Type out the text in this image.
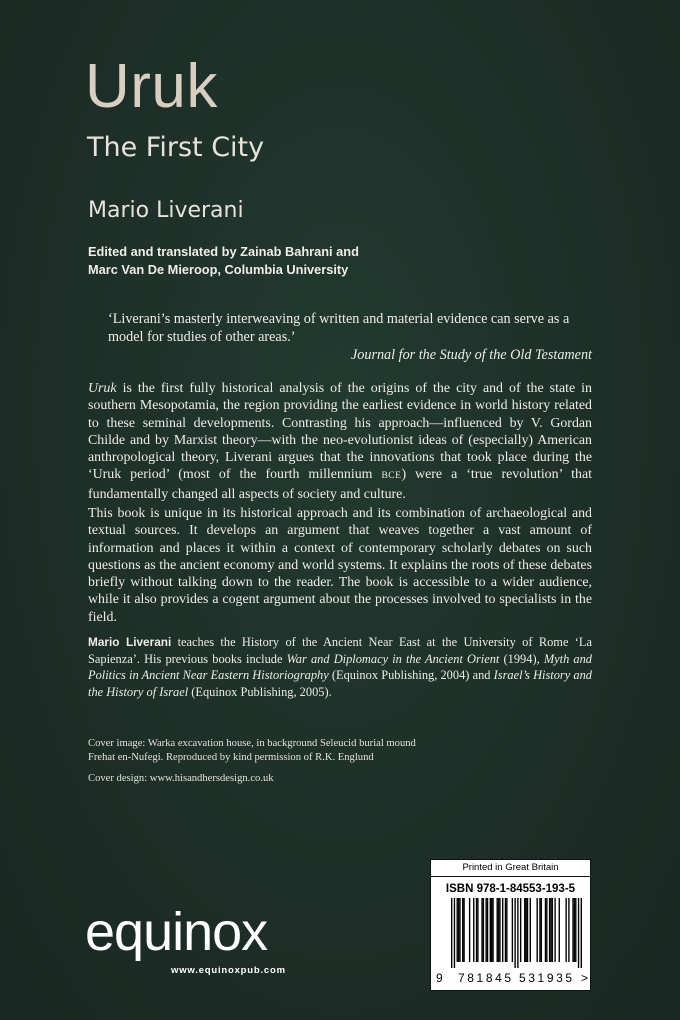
Uruk
The First City
Mario Liverani
Edited and translated by Zainab Bahrani and
Marc Van De Mieroop, Columbia University

‘Liverani’s masterly interweaving of written and material evidence can serve as a model for studies of other areas.’

Journal for the Study of the Old Testament

Uruk is the first fully historical analysis of the origins of the city and of the state in southern Mesopotamia, the region providing the earliest evidence in world history related to these seminal developments. Contrasting his approach—influenced by V. Gordan Childe and by Marxist theory—with the neo-evolutionist ideas of (especially) American anthropological theory, Liverani argues that the innovations that took place during the ‘Uruk period’ (most of the fourth millennium BCE) were a ‘true revolution’ that fundamentally changed all aspects of society and culture.

This book is unique in its historical approach and its combination of archaeological and textual sources. It develops an argument that weaves together a vast amount of information and places it within a context of contemporary scholarly debates on such questions as the ancient economy and world systems. It explains the roots of these debates briefly without talking down to the reader. The book is accessible to a wider audience, while it also provides a cogent argument about the processes involved to specialists in the field.

Mario Liverani teaches the History of the Ancient Near East at the University of Rome ‘La Sapienza’. His previous books include War and Diplomacy in the Ancient Orient (1994), Myth and Politics in Ancient Near Eastern Historiography (Equinox Publishing, 2004) and Israel’s History and the History of Israel (Equinox Publishing, 2005).

Cover image: Warka excavation house, in background Seleucid burial mound

Frehat en-Nufegi. Reproduced by kind permission of R.K. Englund

Cover design: www.hisandhersdesign.co.uk

equinox
www.equinoxpub.com
Printed in Great Britain
ISBN 978-1-84553-193-5
9 781845 531935 >
